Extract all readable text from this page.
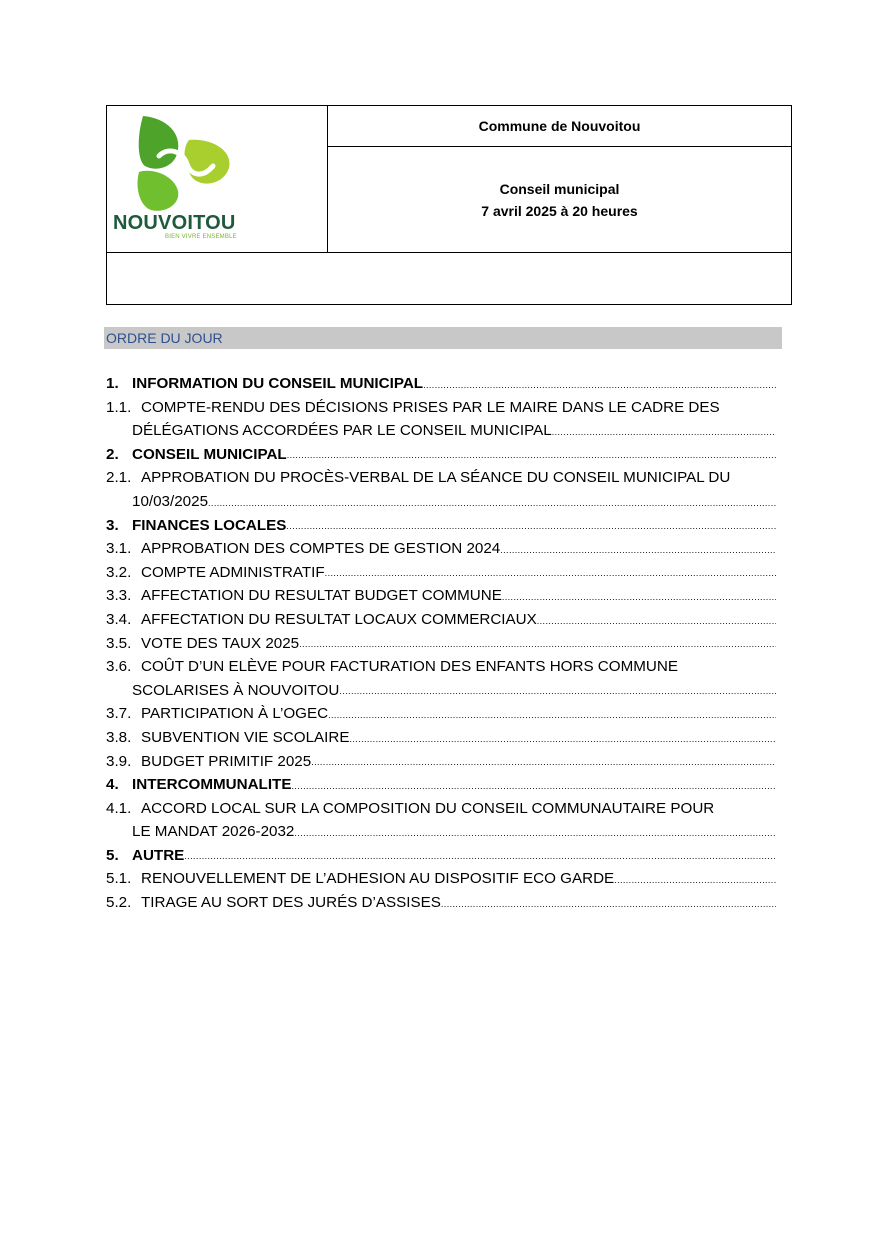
NOUVOITOU
BIEN VIVRE ENSEMBLE
Commune de Nouvoitou
Conseil municipal
7 avril 2025 à 20 heures
ORDRE DU JOUR
1. INFORMATION DU CONSEIL MUNICIPAL
.....
1.1. COMPTE-RENDU DES DÉCISIONS PRISES PAR LE MAIRE DANS LE CADRE DES
DÉLÉGATIONS ACCORDÉES PAR LE CONSEIL MUNICIPAL
.....
2. CONSEIL MUNICIPAL
.....
2.1. APPROBATION DU PROCÈS-VERBAL DE LA SÉANCE DU CONSEIL MUNICIPAL DU
10/03/2025
.....
3. FINANCES LOCALES
.....
3.1. APPROBATION DES COMPTES DE GESTION 2024
.....
3.2. COMPTE ADMINISTRATIF
.....
3.3. AFFECTATION DU RESULTAT BUDGET COMMUNE
.....
3.4. AFFECTATION DU RESULTAT LOCAUX COMMERCIAUX
.....
3.5. VOTE DES TAUX 2025
.....
3.6. COÛT D’UN ELÈVE POUR FACTURATION DES ENFANTS HORS COMMUNE
SCOLARISES À NOUVOITOU
.....
3.7. PARTICIPATION À L’OGEC
.....
3.8. SUBVENTION VIE SCOLAIRE
.....
3.9. BUDGET PRIMITIF 2025
.....
4. INTERCOMMUNALITE
.....
4.1. ACCORD LOCAL SUR LA COMPOSITION DU CONSEIL COMMUNAUTAIRE POUR
LE MANDAT 2026-2032
.....
5. AUTRE
.....
5.1. RENOUVELLEMENT DE L’ADHESION AU DISPOSITIF ECO GARDE
.....
5.2. TIRAGE AU SORT DES JURÉS D’ASSISES
.....
